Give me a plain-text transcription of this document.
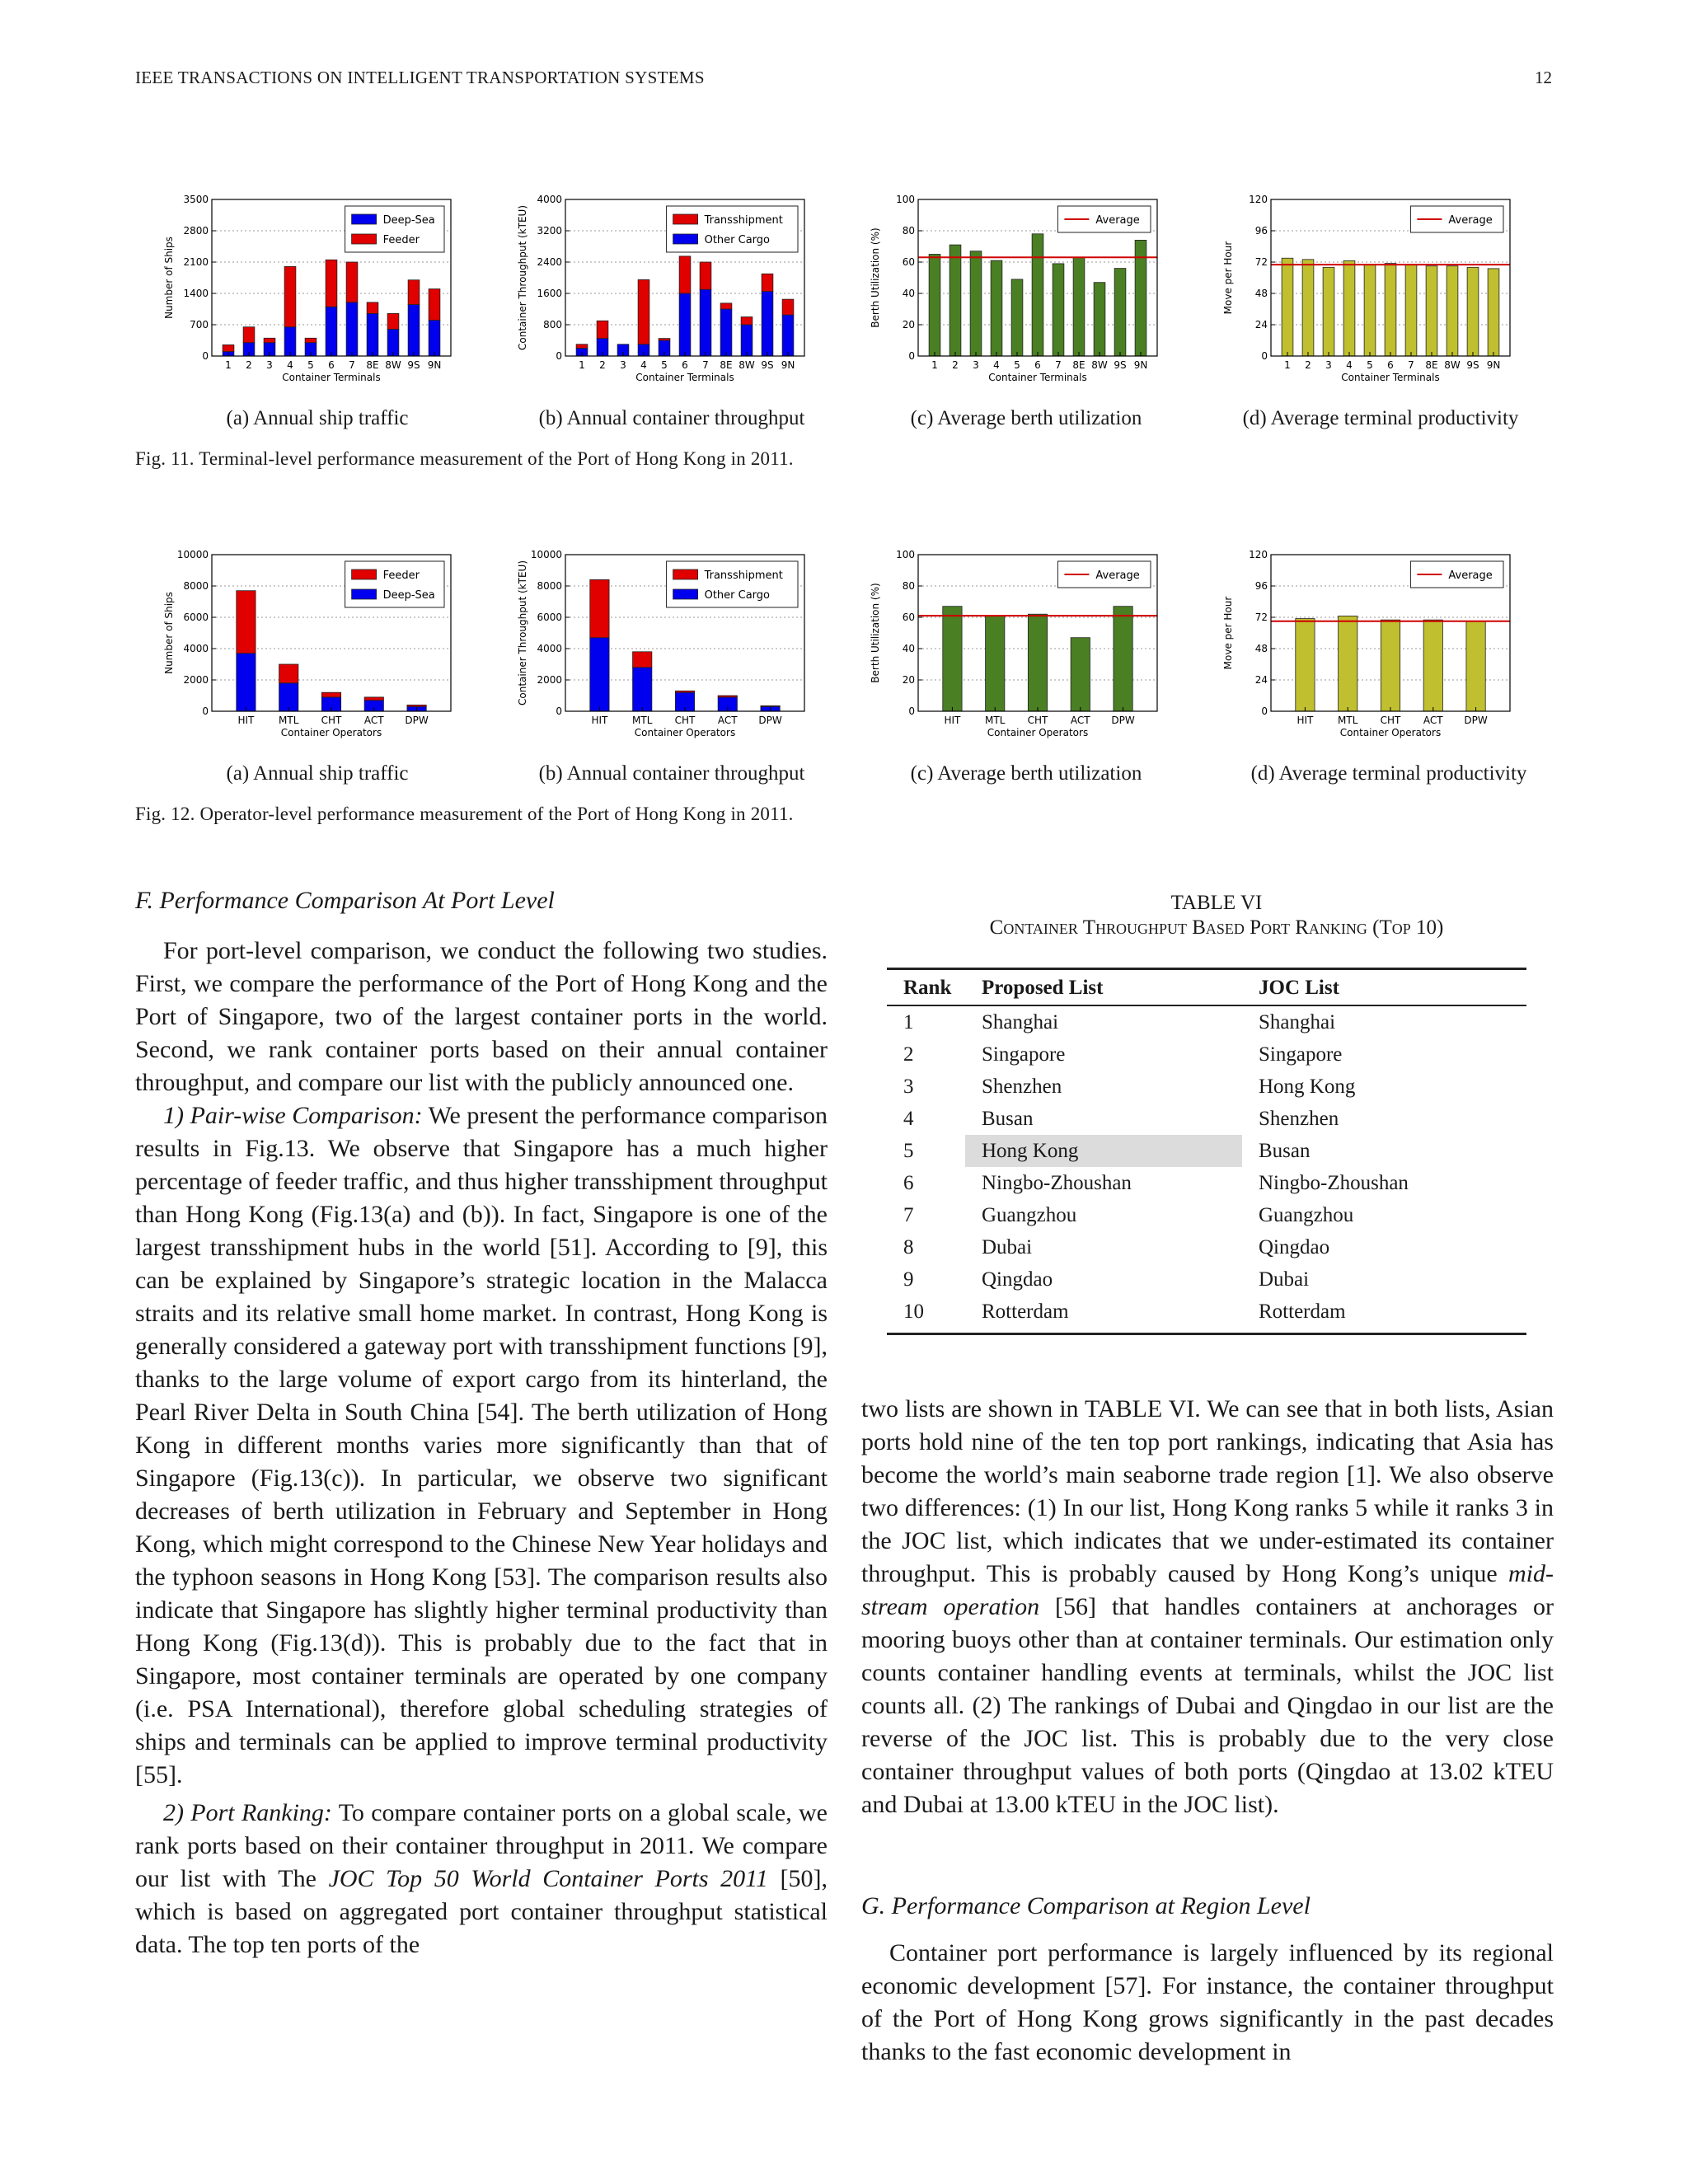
IEEE TRANSACTIONS ON INTELLIGENT TRANSPORTATION SYSTEMS	12
0
700
1400
2100
2800
3500
1 2 3 4 5 6 7 8E 8W 9S 9N
Container Terminals
Number of Ships
Deep-Sea
Feeder
0
800
1600
2400
3200
4000
1 2 3 4 5 6 7 8E 8W 9S 9N
Container Terminals
Container Throughput (kTEU)	Transshipment
Other Cargo
0
20
40
60
80
100
1 2 3 4 5 6 7 8E 8W 9S 9N
Container Terminals
Berth Utilization (%)
Average
0
24
48
72
96
120
1 2 3 4 5 6 7 8E 8W 9S 9N
Container Terminals
Move per Hour
Average
(a) Annual ship traffic	(b) Annual container throughput	(c) Average berth utilization	(d) Average terminal productivity
Fig. 11. Terminal-level performance measurement of the Port of Hong Kong in 2011.
0
2000
4000
6000
8000
10000
HIT MTL CHT ACT DPW
Container Operators
Number of Ships
Feeder
Deep-Sea
0
2000
4000
6000
8000
10000
HIT MTL CHT ACT DPW
Container Operators
Container Throughput (kTEU)	Transshipment
Other Cargo
0
20
40
60
80
100
HIT MTL CHT ACT DPW
Container Operators
Berth Utilization (%)
Average
0
24
48
72
96
120
HIT MTL CHT ACT DPW
Container Operators
Move per Hour
Average
(a) Annual ship traffic	(b) Annual container throughput	(c) Average berth utilization	(d) Average terminal productivity
Fig. 12. Operator-level performance measurement of the Port of Hong Kong in 2011.
F. Performance Comparison At Port Level

For port-level comparison, we conduct the following two studies. First, we compare the performance of the Port of Hong Kong and the Port of Singapore, two of the largest container ports in the world. Second, we rank container ports based on their annual container throughput, and compare our list with the publicly announced one.

1) Pair-wise Comparison: We present the performance comparison results in Fig.13. We observe that Singapore has a much higher percentage of feeder traffic, and thus higher transshipment throughput than Hong Kong (Fig.13(a) and (b)). In fact, Singapore is one of the largest transshipment hubs in the world [51]. According to [9], this can be explained by Singapore’s strategic location in the Malacca straits and its relative small home market. In contrast, Hong Kong is generally considered a gateway port with transshipment functions [9], thanks to the large volume of export cargo from its hinterland, the Pearl River Delta in South China [54]. The berth utilization of Hong Kong in different months varies more significantly than that of Singapore (Fig.13(c)). In particular, we observe two significant decreases of berth utilization in February and September in Hong Kong, which might correspond to the Chinese New Year holidays and the typhoon seasons in Hong Kong [53]. The comparison results also indicate that Singapore has slightly higher terminal productivity than Hong Kong (Fig.13(d)). This is probably due to the fact that in Singapore, most container terminals are operated by one company (i.e. PSA International), therefore global scheduling strategies of ships and terminals can be applied to improve terminal productivity [55].

2) Port Ranking: To compare container ports on a global scale, we rank ports based on their container throughput in 2011. We compare our list with The JOC Top 50 World Container Ports 2011 [50], which is based on aggregated port container throughput statistical data. The top ten ports of the

TABLE VI
Container Throughput Based Port Ranking (Top 10)
Rank	Proposed List	JOC List
1	Shanghai	Shanghai
2	Singapore	Singapore
3	Shenzhen	Hong Kong
4	Busan	Shenzhen
5	Hong Kong	Busan
6	Ningbo-Zhoushan	Ningbo-Zhoushan
7	Guangzhou	Guangzhou
8	Dubai	Qingdao
9	Qingdao	Dubai
10	Rotterdam	Rotterdam

two lists are shown in TABLE VI. We can see that in both lists, Asian ports hold nine of the ten top port rankings, indicating that Asia has become the world’s main seaborne trade region [1]. We also observe two differences: (1) In our list, Hong Kong ranks 5 while it ranks 3 in the JOC list, which indicates that we under-estimated its container throughput. This is probably caused by Hong Kong’s unique mid-stream operation [56] that handles containers at anchorages or mooring buoys other than at container terminals. Our estimation only counts container handling events at terminals, whilst the JOC list counts all. (2) The rankings of Dubai and Qingdao in our list are the reverse of the JOC list. This is probably due to the very close container throughput values of both ports (Qingdao at 13.02 kTEU and Dubai at 13.00 kTEU in the JOC list).

G. Performance Comparison at Region Level

Container port performance is largely influenced by its regional economic development [57]. For instance, the container throughput of the Port of Hong Kong grows significantly in the past decades thanks to the fast economic development in
